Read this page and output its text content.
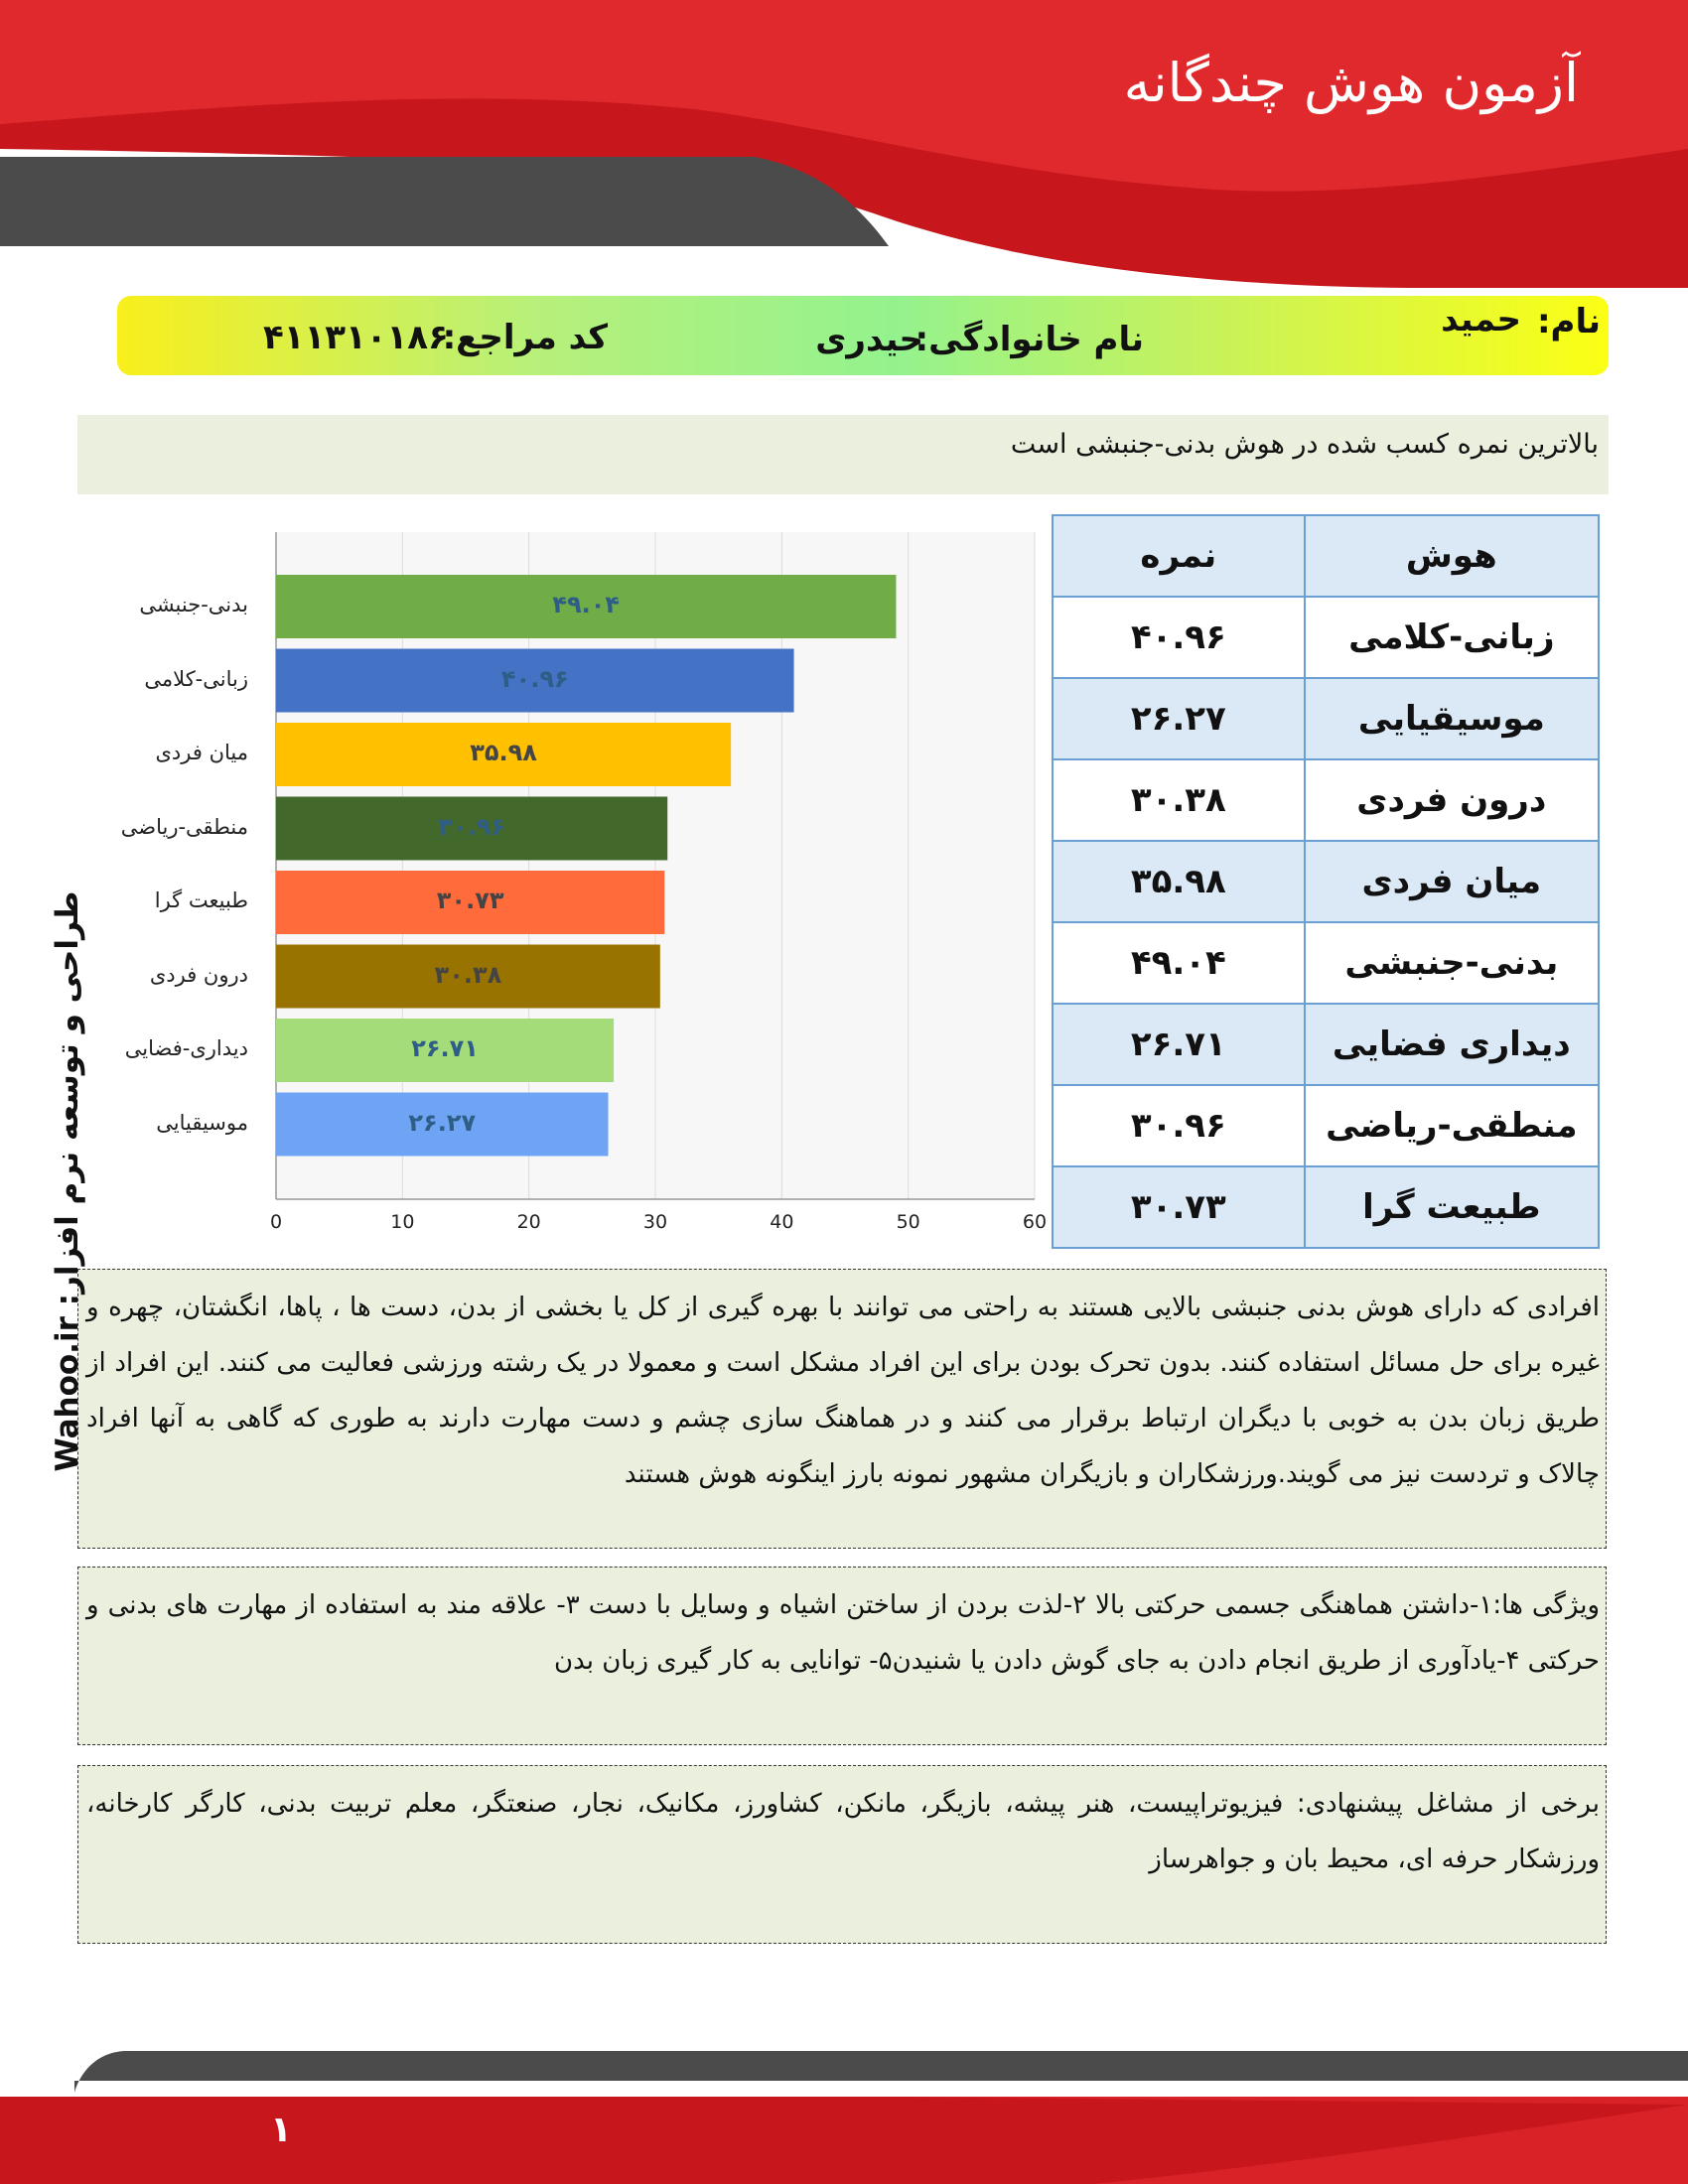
آزمون هوش چندگانه
نام:
حمید
نام خانوادگی:
حیدری
کد مراجع:
۴۱۱۳۱۰۱۸۶
بالاترین نمره کسب شده در هوش بدنی-جنبشی است
۴۹.۰۴
بدنی-جنبشی
۴۰.۹۶
زبانی-کلامی
۳۵.۹۸
میان فردی
۳۰.۹۶
منطقی-ریاضی
۳۰.۷۳
طبیعت گرا
۳۰.۳۸
درون فردی
۲۶.۷۱
دیداری-فضایی
۲۶.۲۷
موسیقیایی
0	10	20	30	40	50	60
نمره	هوش
۴۰.۹۶	زبانی-کلامی
۲۶.۲۷	موسیقیایی
۳۰.۳۸	درون فردی
۳۵.۹۸	میان فردی
۴۹.۰۴	بدنی-جنبشی
۲۶.۷۱	دیداری فضایی
۳۰.۹۶	منطقی-ریاضی
۳۰.۷۳	طبیعت گرا

افرادی که دارای هوش بدنی جنبشی بالایی هستند به راحتی می توانند با بهره گیری از کل یا بخشی از بدن، دست ها ، پاها، انگشتان، چهره و غیره برای حل مسائل استفاده کنند. بدون تحرک بودن برای این افراد مشکل است و معمولا در یک رشته ورزشی فعالیت می کنند. این افراد از طریق زبان بدن به خوبی با دیگران ارتباط برقرار می کنند و در هماهنگ سازی چشم و دست مهارت دارند به طوری که گاهی به آنها افراد چالاک و تردست نیز می گویند.ورزشکاران و بازیگران مشهور نمونه بارز اینگونه هوش هستند

ویژگی ها:۱-داشتن هماهنگی جسمی حرکتی بالا ۲-لذت بردن از ساختن اشیاه و وسایل با دست ۳- علاقه مند به استفاده از مهارت های بدنی و حرکتی ۴-یادآوری از طریق انجام دادن به جای گوش دادن یا شنیدن۵- توانایی به کار گیری زبان بدن

برخی از مشاغل پیشنهادی: فیزیوتراپیست، هنر پیشه، بازیگر، مانکن، کشاورز، مکانیک، نجار، صنعتگر، معلم تربیت بدنی، کارگر کارخانه، ورزشکار حرفه ای، محیط بان و جواهرساز

طراحی و توسعه نرم افزار: Wahoo.ir
۱
